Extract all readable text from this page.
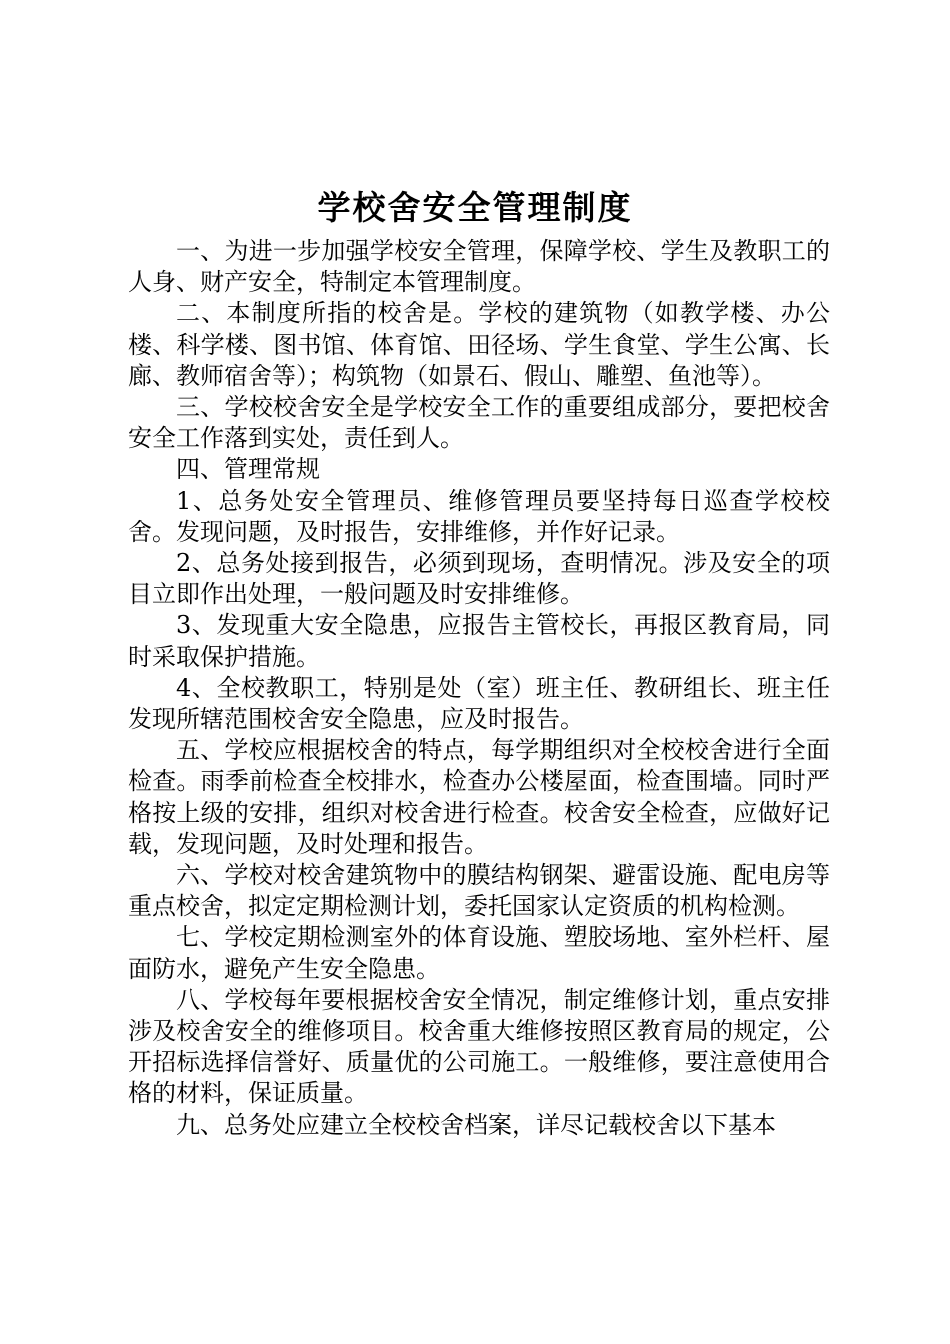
学校舍安全管理制度

一、为进一步加强学校安全管理，保障学校、学生及教职工的人身、财产安全，特制定本管理制度。

二、本制度所指的校舍是。学校的建筑物（如教学楼、办公楼、科学楼、图书馆、体育馆、田径场、学生食堂、学生公寓、长廊、教师宿舍等）；构筑物（如景石、假山、雕塑、鱼池等）。

三、学校校舍安全是学校安全工作的重要组成部分，要把校舍安全工作落到实处，责任到人。

四、管理常规

1、总务处安全管理员、维修管理员要坚持每日巡查学校校舍。发现问题，及时报告，安排维修，并作好记录。

2、总务处接到报告，必须到现场，查明情况。涉及安全的项目立即作出处理，一般问题及时安排维修。

3、发现重大安全隐患，应报告主管校长，再报区教育局，同时采取保护措施。

4、全校教职工，特别是处（室）班主任、教研组长、班主任发现所辖范围校舍安全隐患，应及时报告。

五、学校应根据校舍的特点，每学期组织对全校校舍进行全面检查。雨季前检查全校排水，检查办公楼屋面，检查围墙。同时严格按上级的安排，组织对校舍进行检查。校舍安全检查，应做好记载，发现问题，及时处理和报告。

六、学校对校舍建筑物中的膜结构钢架、避雷设施、配电房等重点校舍，拟定定期检测计划，委托国家认定资质的机构检测。

七、学校定期检测室外的体育设施、塑胶场地、室外栏杆、屋面防水，避免产生安全隐患。

八、学校每年要根据校舍安全情况，制定维修计划，重点安排涉及校舍安全的维修项目。校舍重大维修按照区教育局的规定，公开招标选择信誉好、质量优的公司施工。一般维修，要注意使用合格的材料，保证质量。

九、总务处应建立全校校舍档案，详尽记载校舍以下基本
